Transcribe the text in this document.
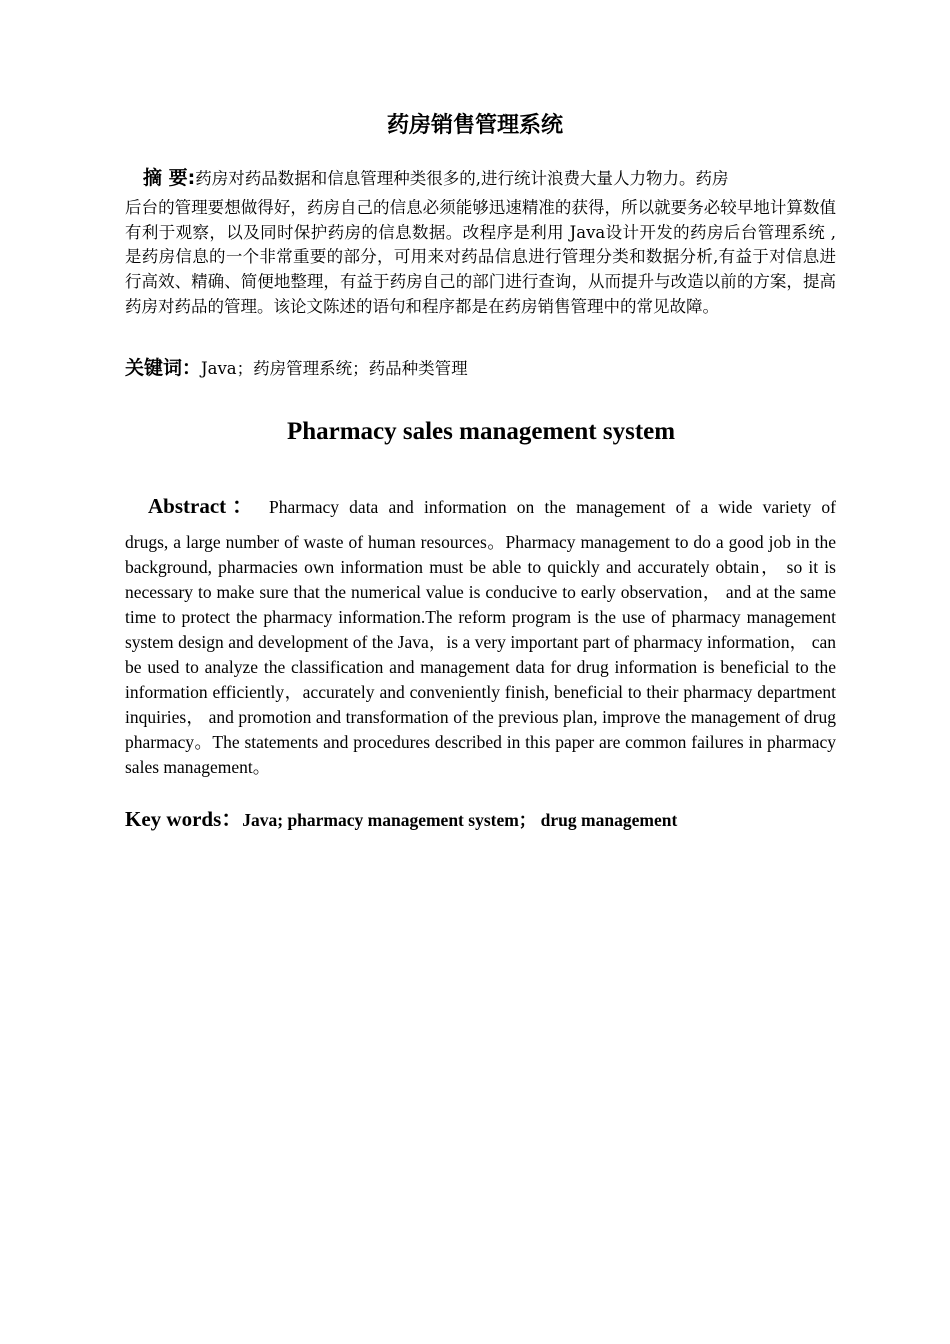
药房销售管理系统
摘 要:药房对药品数据和信息管理种类很多的,进行统计浪费大量人力物力。药房
后台的管理要想做得好，药房自己的信息必须能够迅速精准的获得，所以就要务必较早地计算数值有利于观察，以及同时保护药房的信息数据。改程序是利用 Java设计开发的药房后台管理系统 ,是药房信息的一个非常重要的部分，可用来对药品信息进行管理分类和数据分析,有益于对信息进行高效、精确、简便地整理，有益于药房自己的部门进行查询，从而提升与改造以前的方案，提高药房对药品的管理。该论文陈述的语句和程序都是在药房销售管理中的常见故障。
关键词：Java；药房管理系统；药品种类管理
Pharmacy sales management system
Abstract： Pharmacy data and information on the management of a wide variety of
drugs, a large number of waste of human resources。Pharmacy management to do a good job in the background, pharmacies own information must be able to quickly and accurately obtain， so it is necessary to make sure that the numerical value is conducive to early observation， and at the same time to protect the pharmacy information.The reform program is the use of pharmacy management system design and development of the Java，is a very important part of pharmacy information， can be used to analyze the classification and management data for drug information is beneficial to the information efficiently，accurately and conveniently finish, beneficial to their pharmacy department inquiries， and promotion and transformation of the previous plan, improve the management of drug pharmacy。The statements and procedures described in this paper are common failures in pharmacy sales management。
Key words：Java; pharmacy management system； drug management
